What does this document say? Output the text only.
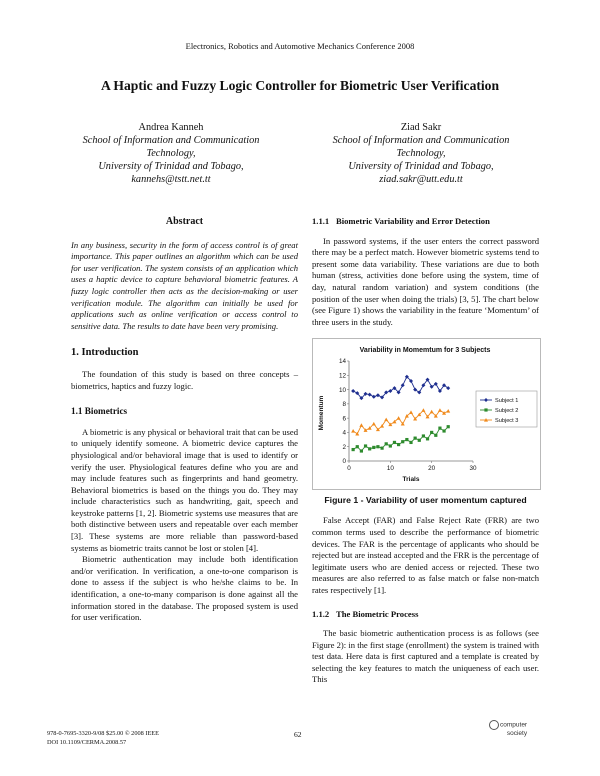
Electronics, Robotics and Automotive Mechanics Conference 2008
A Haptic and Fuzzy Logic Controller for Biometric User Verification
Andrea Kanneh
School of Information and Communication
Technology,
University of Trinidad and Tobago,
kannehs@tstt.net.tt
Ziad Sakr
School of Information and Communication
Technology,
University of Trinidad and Tobago,
ziad.sakr@utt.edu.tt
Abstract

In any business, security in the form of access control is of great importance. This paper outlines an algorithm which can be used for user verification. The system consists of an application which uses a haptic device to capture behavioral biometric features. A fuzzy logic controller then acts as the decision-making or user verification module. The algorithm can initially be used for applications such as online verification or access control to sensitive data. The results to date have been very promising.

1. Introduction

The foundation of this study is based on three concepts – biometrics, haptics and fuzzy logic.

1.1 Biometrics

A biometric is any physical or behavioral trait that can be used to uniquely identify someone. A biometric device captures the physiological and/or behavioral image that is used to identify or verify the user. Physiological features define who you are and may include features such as fingerprints and hand geometry. Behavioral biometrics is based on the things you do. They may include characteristics such as handwriting, gait, speech and keystroke patterns [1, 2]. Biometric systems use measures that are both distinctive between users and repeatable over each member [3]. These systems are more reliable than password-based systems as biometric traits cannot be lost or stolen [4].

Biometric authentication may include both identification and/or verification. In verification, a one-to-one comparison is done to assess if the subject is who he/she claims to be. In identification, a one-to-many comparison is done against all the information stored in the database. The proposed system is used for user verification.

1.1.1 Biometric Variability and Error Detection

In password systems, if the user enters the correct password there may be a perfect match. However biometric systems tend to present some data variability. These variations are due to both human (stress, activities done before using the system, time of day, natural random variation) and system conditions (the position of the user when doing the trials) [3, 5]. The chart below (see Figure 1) shows the variability in the feature ‘Momentum’ of three users in the study.

Variability in Momemtum for 3 Subjects
Momentum
Trials
0
2
4
6
8
10
12
14
0	10	20	30
Subject 1
Subject 2
Subject 3
Figure 1 - Variability of user momentum captured

False Accept (FAR) and False Reject Rate (FRR) are two common terms used to describe the performance of biometric devices. The FAR is the percentage of applicants who should be rejected but are instead accepted and the FRR is the percentage of legitimate users who are denied access or rejected. These two measures are also referred to as false match or false non-match rates respectively [1].

1.1.2 The Biometric Process

The basic biometric authentication process is as follows (see Figure 2): in the first stage (enrollment) the system is trained with test data. Here data is first captured and a template is created by selecting the key features to match the uniqueness of each user. This

978-0-7695-3320-9/08 $25.00 © 2008 IEEE
DOI 10.1109/CERMA.2008.57
62
computer
society
